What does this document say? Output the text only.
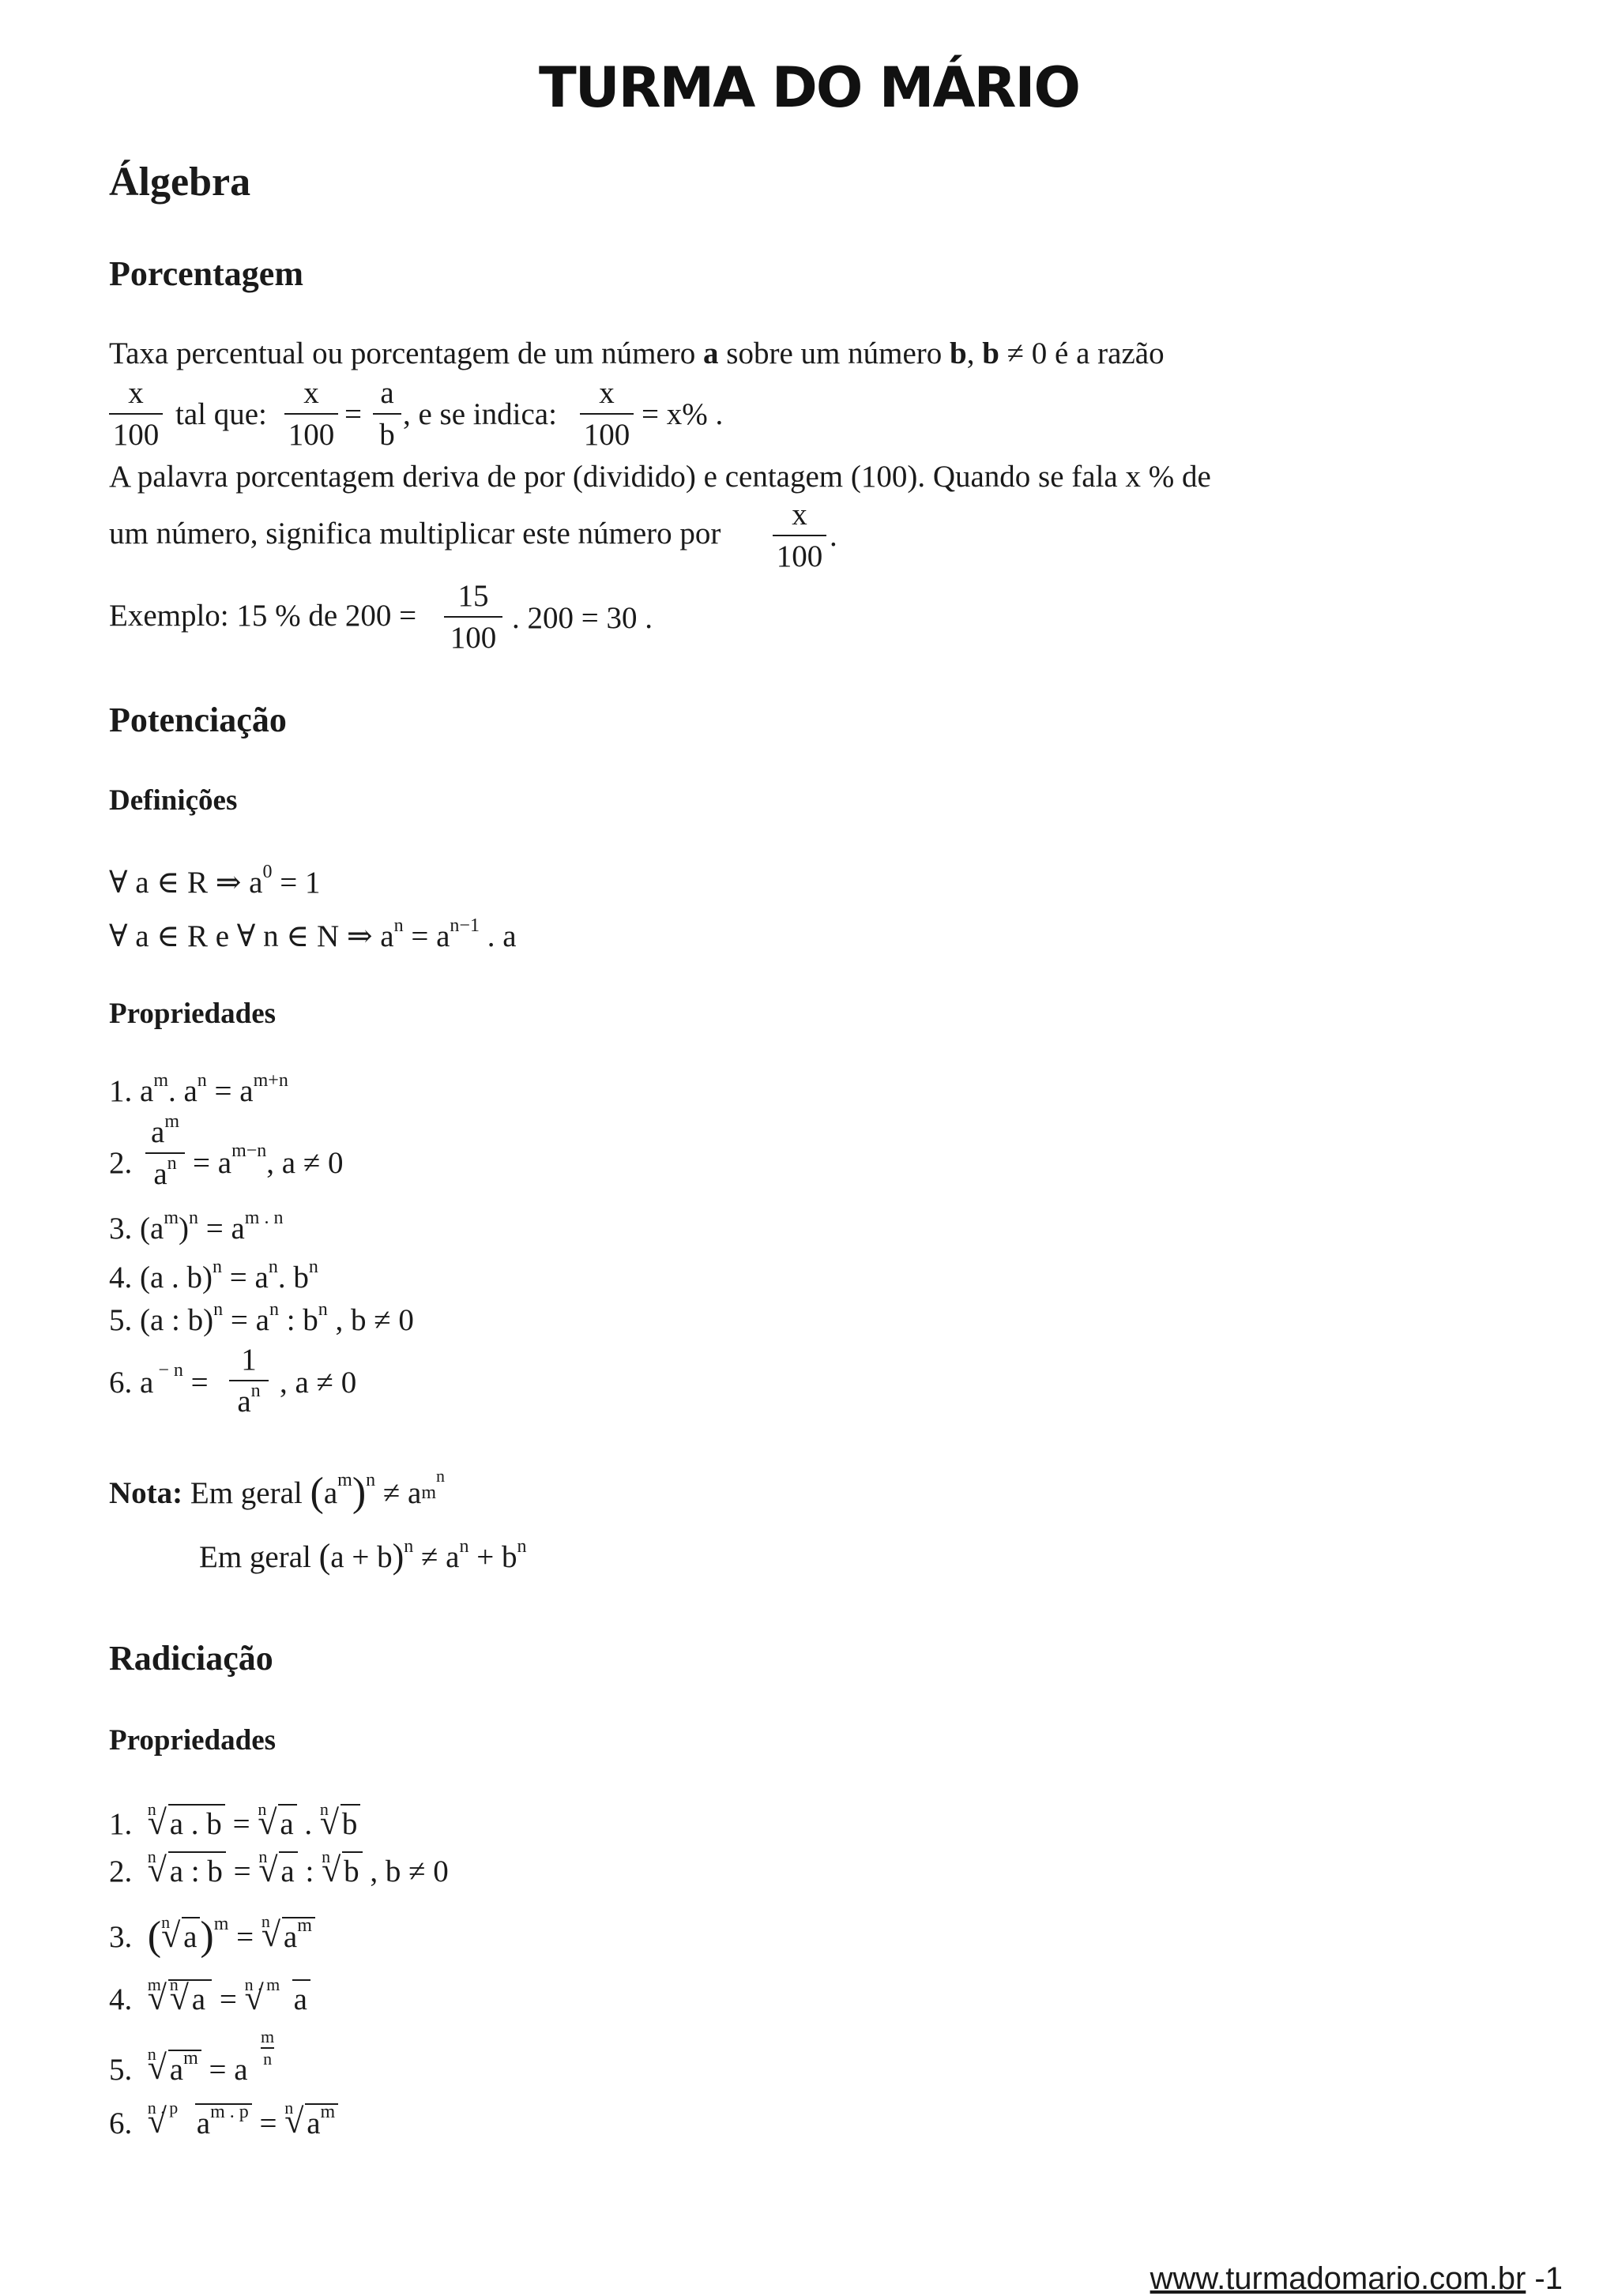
TURMA DO MÁRIO
Álgebra
Porcentagem
Taxa percentual ou porcentagem de um número a sobre um número b, b ≠ 0 é a razão
$\frac{x}{100}$ tal que: $\frac{x}{100} = \frac{a}{b}$ , e se indica: $\frac{x}{100} = x\%$ .
A palavra porcentagem deriva de por (dividido) e centagem (100). Quando se fala x % de
um número, significa multiplicar este número por $\frac{x}{100}$ .
Exemplo: 15 % de $200 = \frac{15}{100}$ . 200 = 30 .
Potenciação
Definições
∀ a ∈ R ⇒ $a^0 = 1$
∀ a ∈ R e ∀ n ∈ N ⇒ $a^n = a^{n-1}$ . a
Propriedades
1. $a^m$. $a^n = a^{m+n}$
2. $\frac{a^m}{a^n} = a^{m-n}$, a ≠ 0
3. $(a^m)^n = a^{m . n}$
4. (a . $b)^n = a^n$. $b^n$
5. (a : $b)^n = a^n$ : $b^n$ , b ≠ 0
6. a $^{- n} = \frac{1}{a^n}$ , a ≠ 0
Nota: Em geral $(a^m)^n \ne a^{mn}$
Em geral $(a + b)^n \ne a^n + b^n$
Radiciação
Propriedades
1. √ n a . b = √ n a . √ n b
2. √ n a : b = √ n a : √ n b , b ≠ 0
3. ( √ n a)$^m$ = √ n $a^m$
4. √ m √ n a = √ n . m a
5. √ n $a^m = a$
$\frac{m}{n}$
6. √ n . p $a^{m . p}$ = √ n $a^m$
www.turmadomario.com.br -1
